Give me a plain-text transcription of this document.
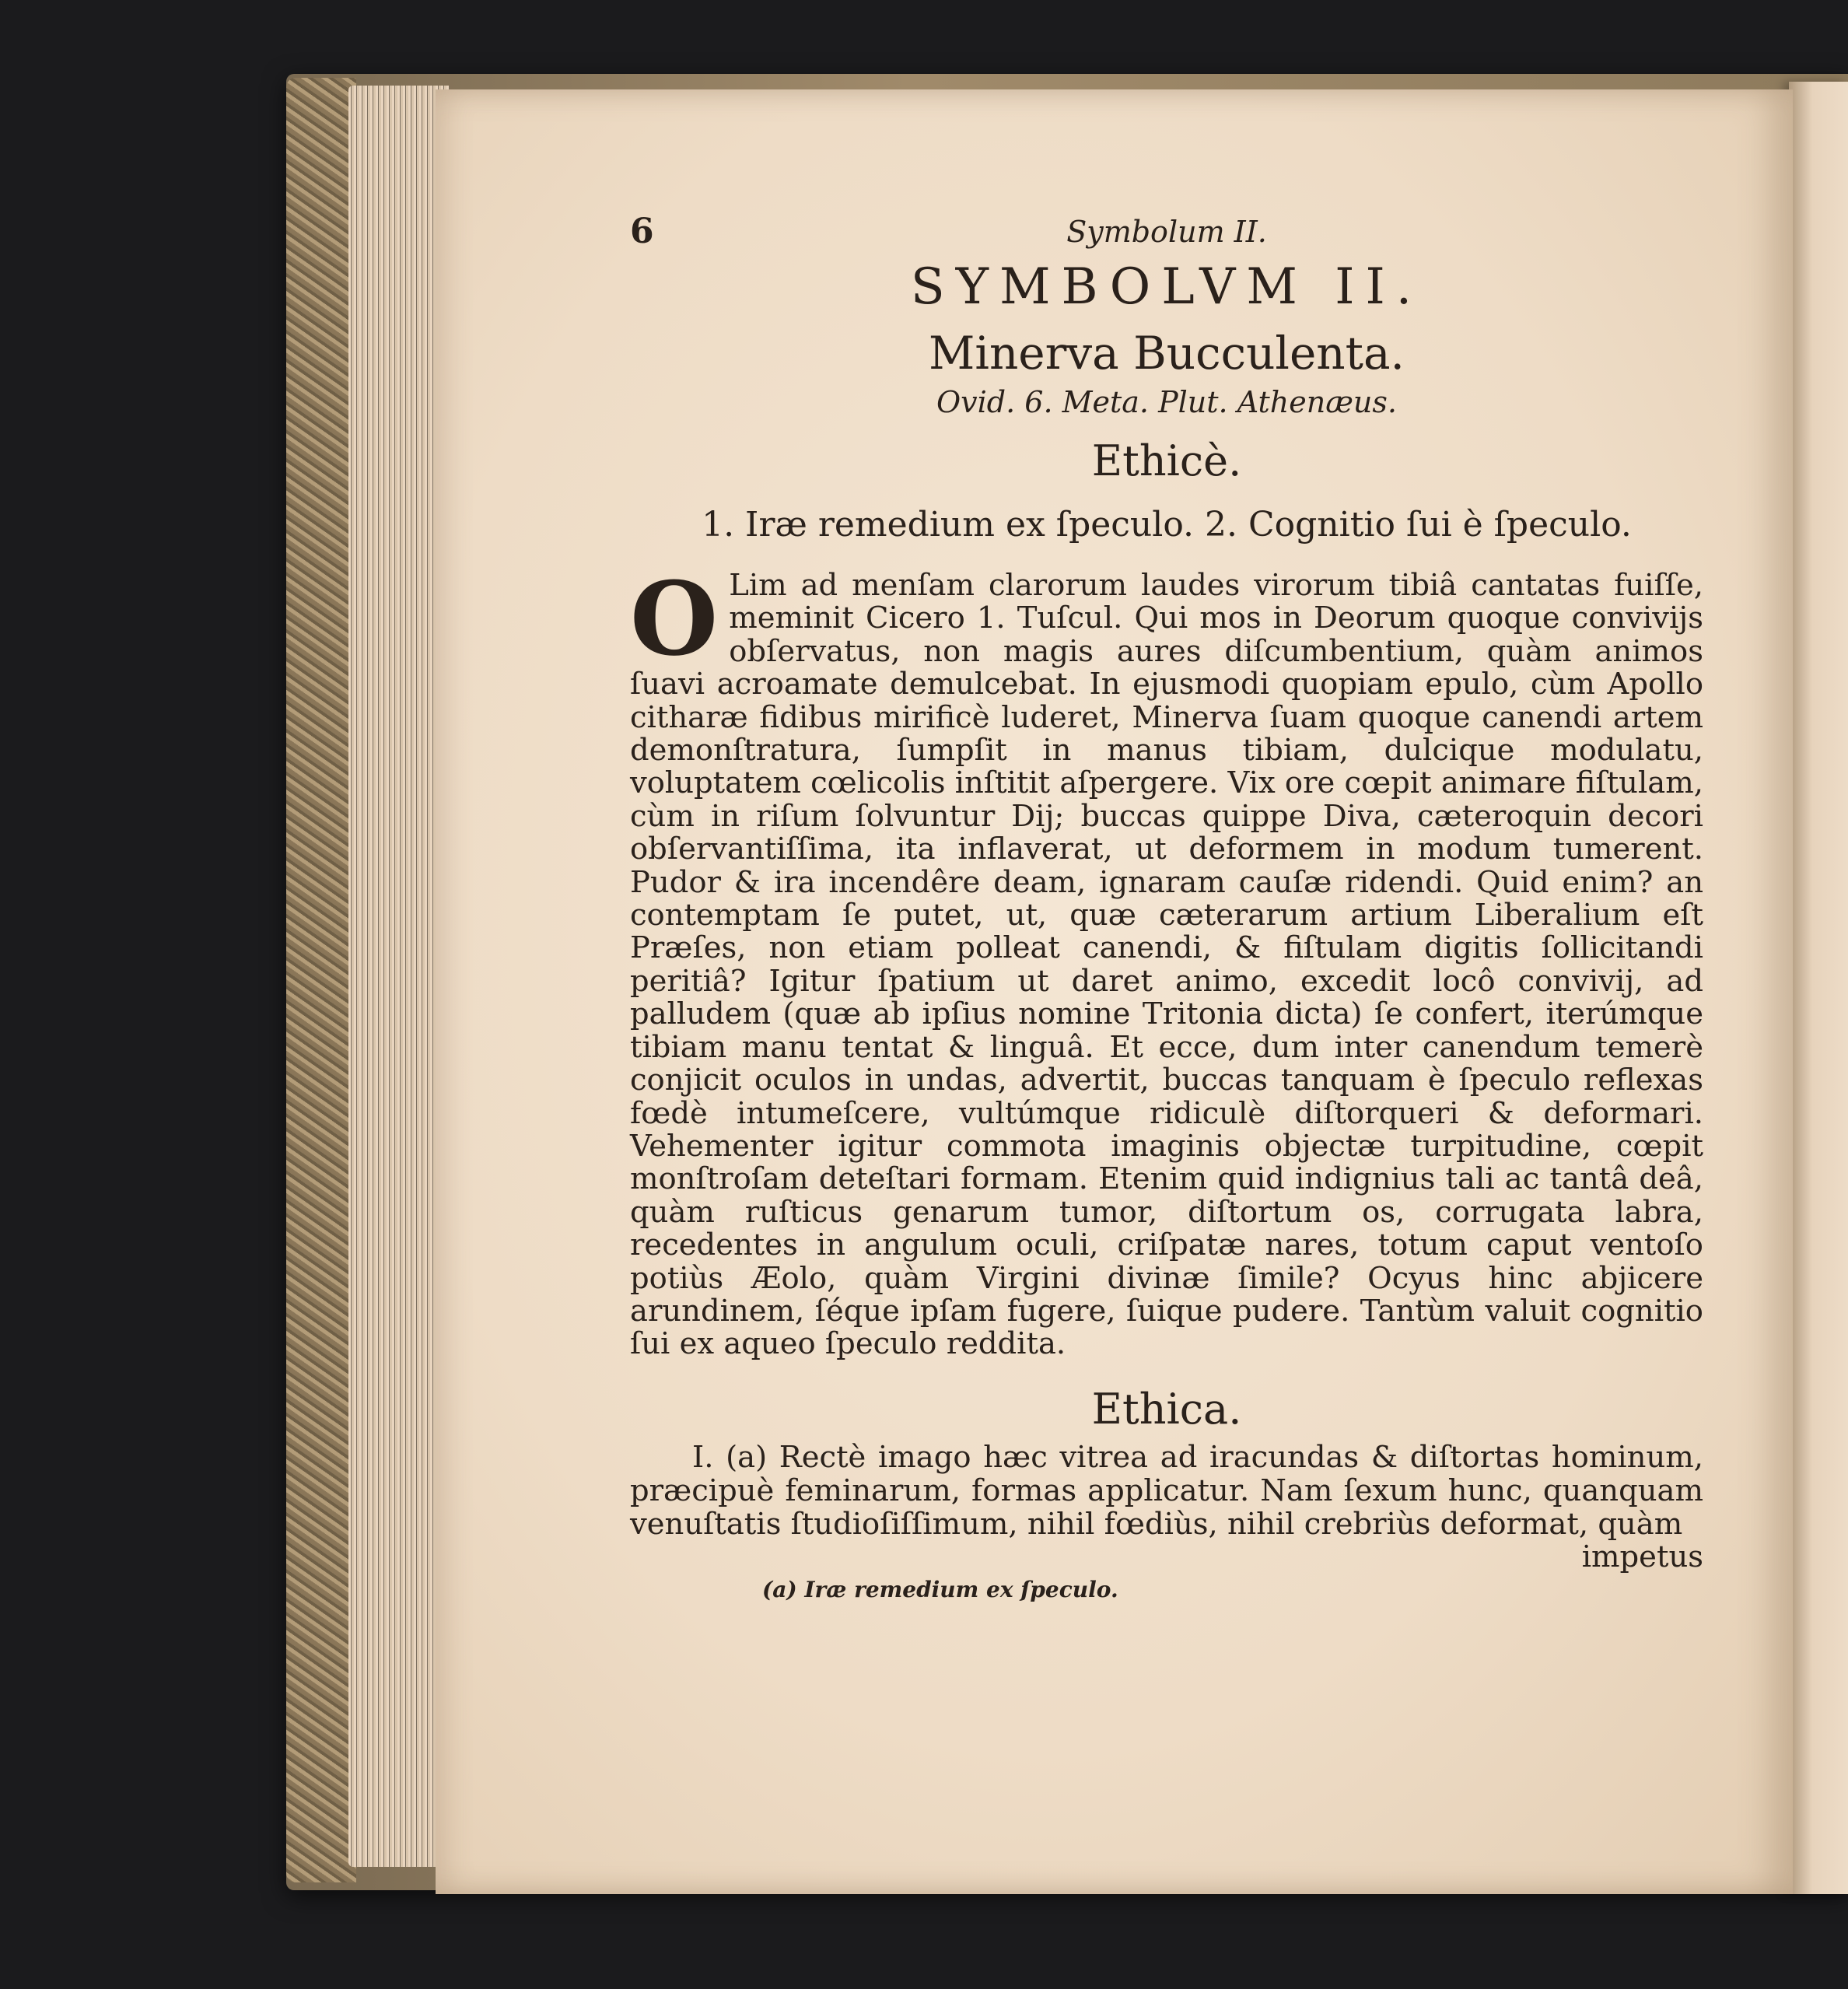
6	Symbolum II.
SYMBOLVM II.
Minerva Bucculenta.
Ovid. 6. Meta. Plut. Athenæus.
Ethicè.
1. Iræ remedium ex ſpeculo. 2. Cognitio ſui è ſpeculo.
O Lim ad menſam clarorum laudes virorum tibiâ cantatas fuiſſe, meminit Cicero 1. Tuſcul. Qui mos in Deorum quoque convivijs obſervatus, non magis aures diſcumbentium, quàm animos ſuavi acroamate demulcebat. In ejusmodi quopiam epulo, cùm Apollo citharæ fidibus mirificè luderet, Minerva ſuam quoque canendi artem demonſtratura, ſumpſit in manus tibiam, dulcique modulatu, voluptatem cœlicolis inſtitit aſpergere. Vix ore cœpit animare fiſtulam, cùm in riſum ſolvuntur Dij; buccas quippe Diva, cæteroquin decori obſervantiſſima, ita inflaverat, ut deformem in modum tumerent. Pudor & ira incendêre deam, ignaram cauſæ ridendi. Quid enim? an contemptam ſe putet, ut, quæ cæterarum artium Liberalium eſt Præſes, non etiam polleat canendi, & fiſtulam digitis ſollicitandi peritiâ? Igitur ſpatium ut daret animo, excedit locô convivij, ad palludem (quæ ab ipſius nomine Tritonia dicta) ſe confert, iterúmque tibiam manu tentat & linguâ. Et ecce, dum inter canendum temerè conjicit oculos in undas, advertit, buccas tanquam è ſpeculo reflexas fœdè intumeſcere, vultúmque ridiculè diſtorqueri & deformari. Vehementer igitur commota imaginis objectæ turpitudine, cœpit monſtroſam deteſtari formam. Etenim quid indignius tali ac tantâ deâ, quàm ruſticus genarum tumor, diſtortum os, corrugata labra, recedentes in angulum oculi, criſpatæ nares, totum caput ventoſo potiùs Æolo, quàm Virgini divinæ ſimile? Ocyus hinc abjicere arundinem, ſéque ipſam fugere, ſuique pudere. Tantùm valuit cognitio ſui ex aqueo ſpeculo reddita.
Ethica.
I. (a) Rectè imago hæc vitrea ad iracundas & diſtortas hominum, præcipuè feminarum, formas applicatur. Nam ſexum hunc, quanquam venuſtatis ſtudioſiſſimum, nihil fœdiùs, nihil crebriùs deformat, quàm
impetus
(a) Iræ remedium ex ſpeculo.
